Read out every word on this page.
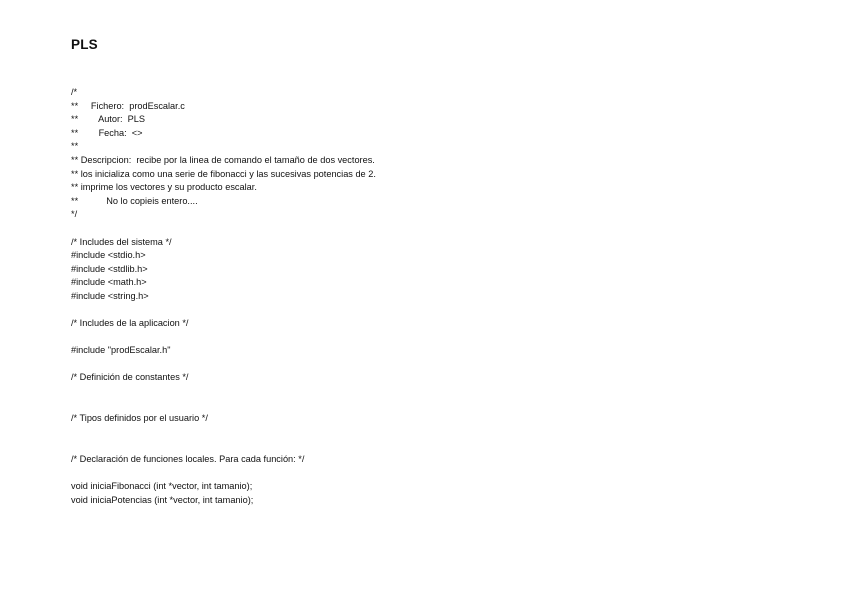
PLS
/*
**     Fichero:  prodEscalar.c
**        Autor:  PLS
**        Fecha:  <>
**
** Descripcion:  recibe por la linea de comando el tamaño de dos vectores.
** los inicializa como una serie de fibonacci y las sucesivas potencias de 2.
** imprime los vectores y su producto escalar.
**           No lo copieis entero....
*/
/* Includes del sistema */
#include <stdio.h>
#include <stdlib.h>
#include <math.h>
#include <string.h>
/* Includes de la aplicacion */
#include "prodEscalar.h"
/* Definición de constantes */
/* Tipos definidos por el usuario */
/* Declaración de funciones locales. Para cada función: */
void iniciaFibonacci (int *vector, int tamanio);
void iniciaPotencias (int *vector, int tamanio);
